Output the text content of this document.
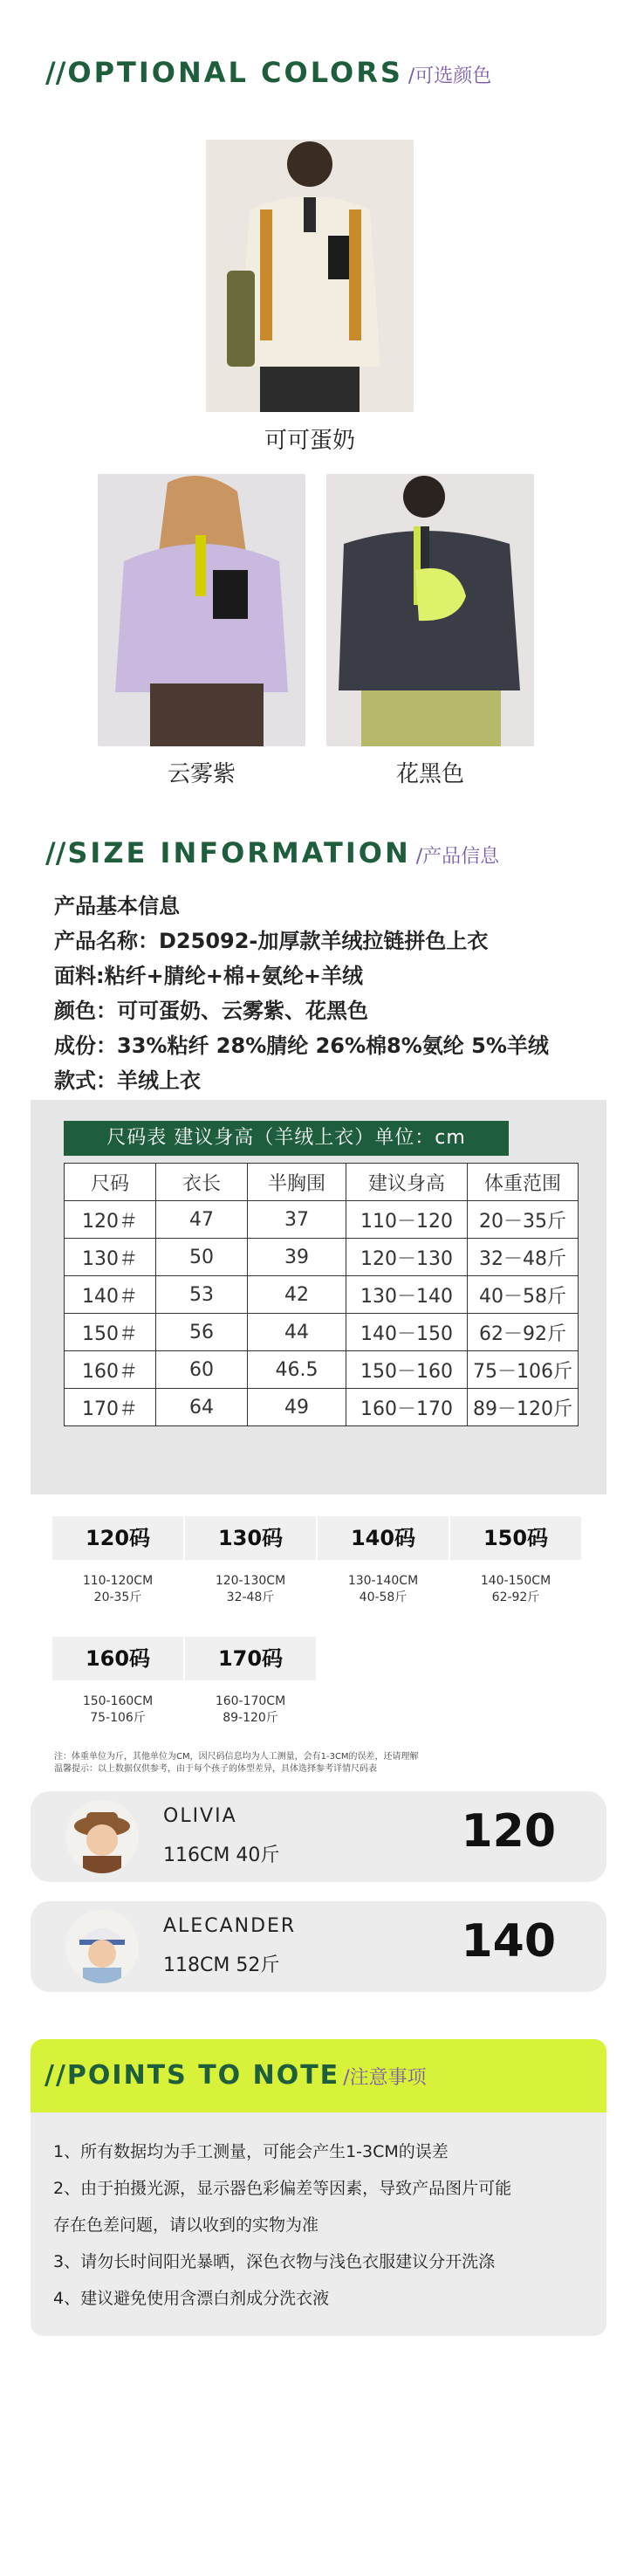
// OPTIONAL COLORS /可选颜色
可可蛋奶
云雾紫	花黑色
// SIZE INFORMATION /产品信息
产品基本信息
产品名称：D25092-加厚款羊绒拉链拼色上衣
面料:粘纤+腈纶+棉+氨纶+羊绒
颜色：可可蛋奶、云雾紫、花黑色
成份：33%粘纤 28%腈纶 26%棉8%氨纶 5%羊绒
款式：羊绒上衣
尺码表 建议身高（羊绒上衣）单位：cm
尺码	衣长	半胸围	建议身高	体重范围
120＃	47	37	110－120	20－35斤
130＃	50	39	120－130	32－48斤
140＃	53	42	130－140	40－58斤
150＃	56	44	140－150	62－92斤
160＃	60	46.5	150－160	75－106斤
170＃	64	49	160－170	89－120斤
120码
110-120CM
20-35斤
130码
120-130CM
32-48斤
140码
130-140CM
40-58斤
150码
140-150CM
62-92斤
160码
150-160CM
75-106斤
170码
160-170CM
89-120斤
注：体重单位为斤，其他单位为CM，因尺码信息均为人工测量，会有1-3CM的误差，还请理解
温馨提示：以上数据仅供参考，由于每个孩子的体型差异，具体选择参考详情尺码表
OLIVIA
116CM 40斤	120
ALECANDER
118CM 52斤	140
//POINTS TO NOTE /注意事项
1、所有数据均为手工测量，可能会产生1-3CM的误差
2、由于拍摄光源，显示器色彩偏差等因素，导致产品图片可能
存在色差问题，请以收到的实物为准
3、请勿长时间阳光暴晒，深色衣物与浅色衣服建议分开洗涤
4、建议避免使用含漂白剂成分洗衣液
